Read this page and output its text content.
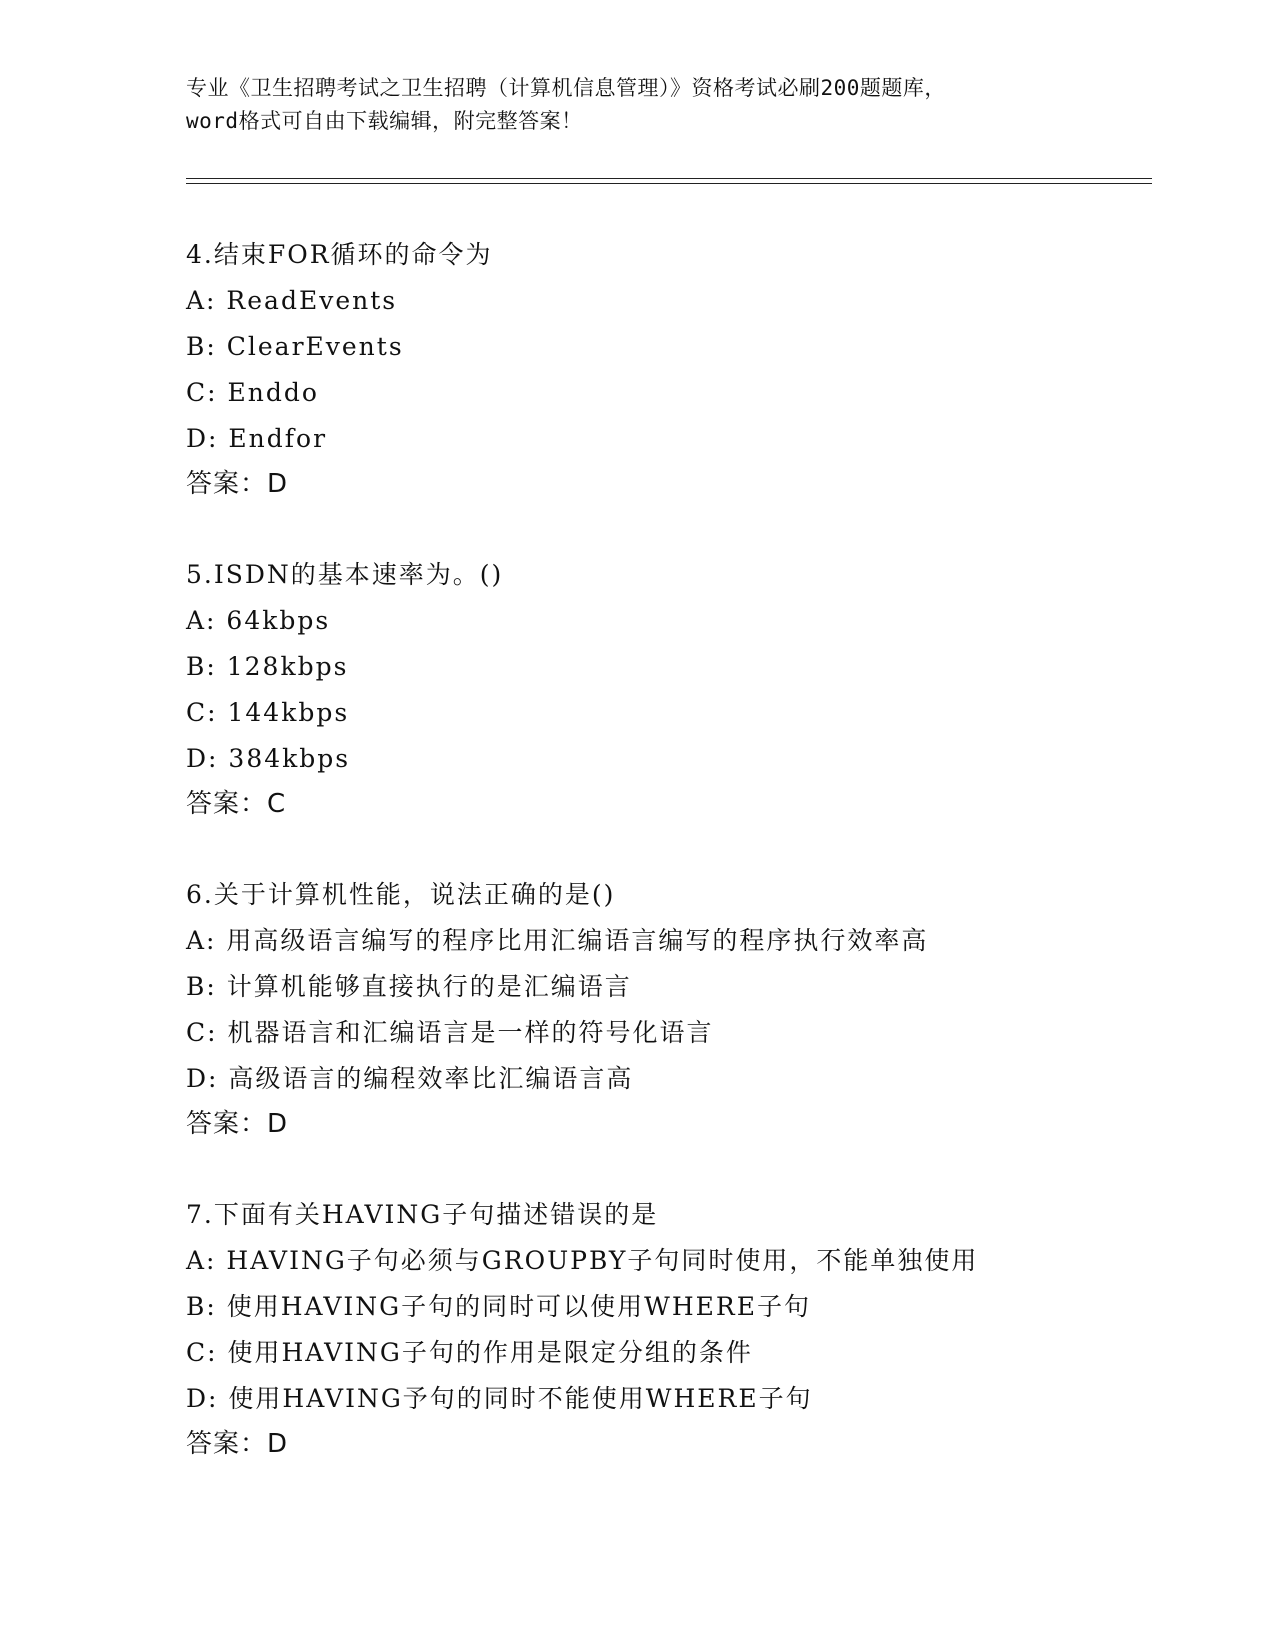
专业《卫生招聘考试之卫生招聘（计算机信息管理）》资格考试必刷200题题库，
word格式可自由下载编辑，附完整答案！
4.结束FOR循环的命令为
A: ReadEvents
B: ClearEvents
C: Enddo
D: Endfor
答案：D
5.ISDN的基本速率为。()
A: 64kbps
B: 128kbps
C: 144kbps
D: 384kbps
答案：C
6.关于计算机性能，说法正确的是()
A: 用高级语言编写的程序比用汇编语言编写的程序执行效率高
B: 计算机能够直接执行的是汇编语言
C: 机器语言和汇编语言是一样的符号化语言
D: 高级语言的编程效率比汇编语言高
答案：D
7.下面有关HAVING子句描述错误的是
A: HAVING子句必须与GROUPBY子句同时使用，不能单独使用
B: 使用HAVING子句的同时可以使用WHERE子句
C: 使用HAVING子句的作用是限定分组的条件
D: 使用HAVING予句的同时不能使用WHERE子句
答案：D
